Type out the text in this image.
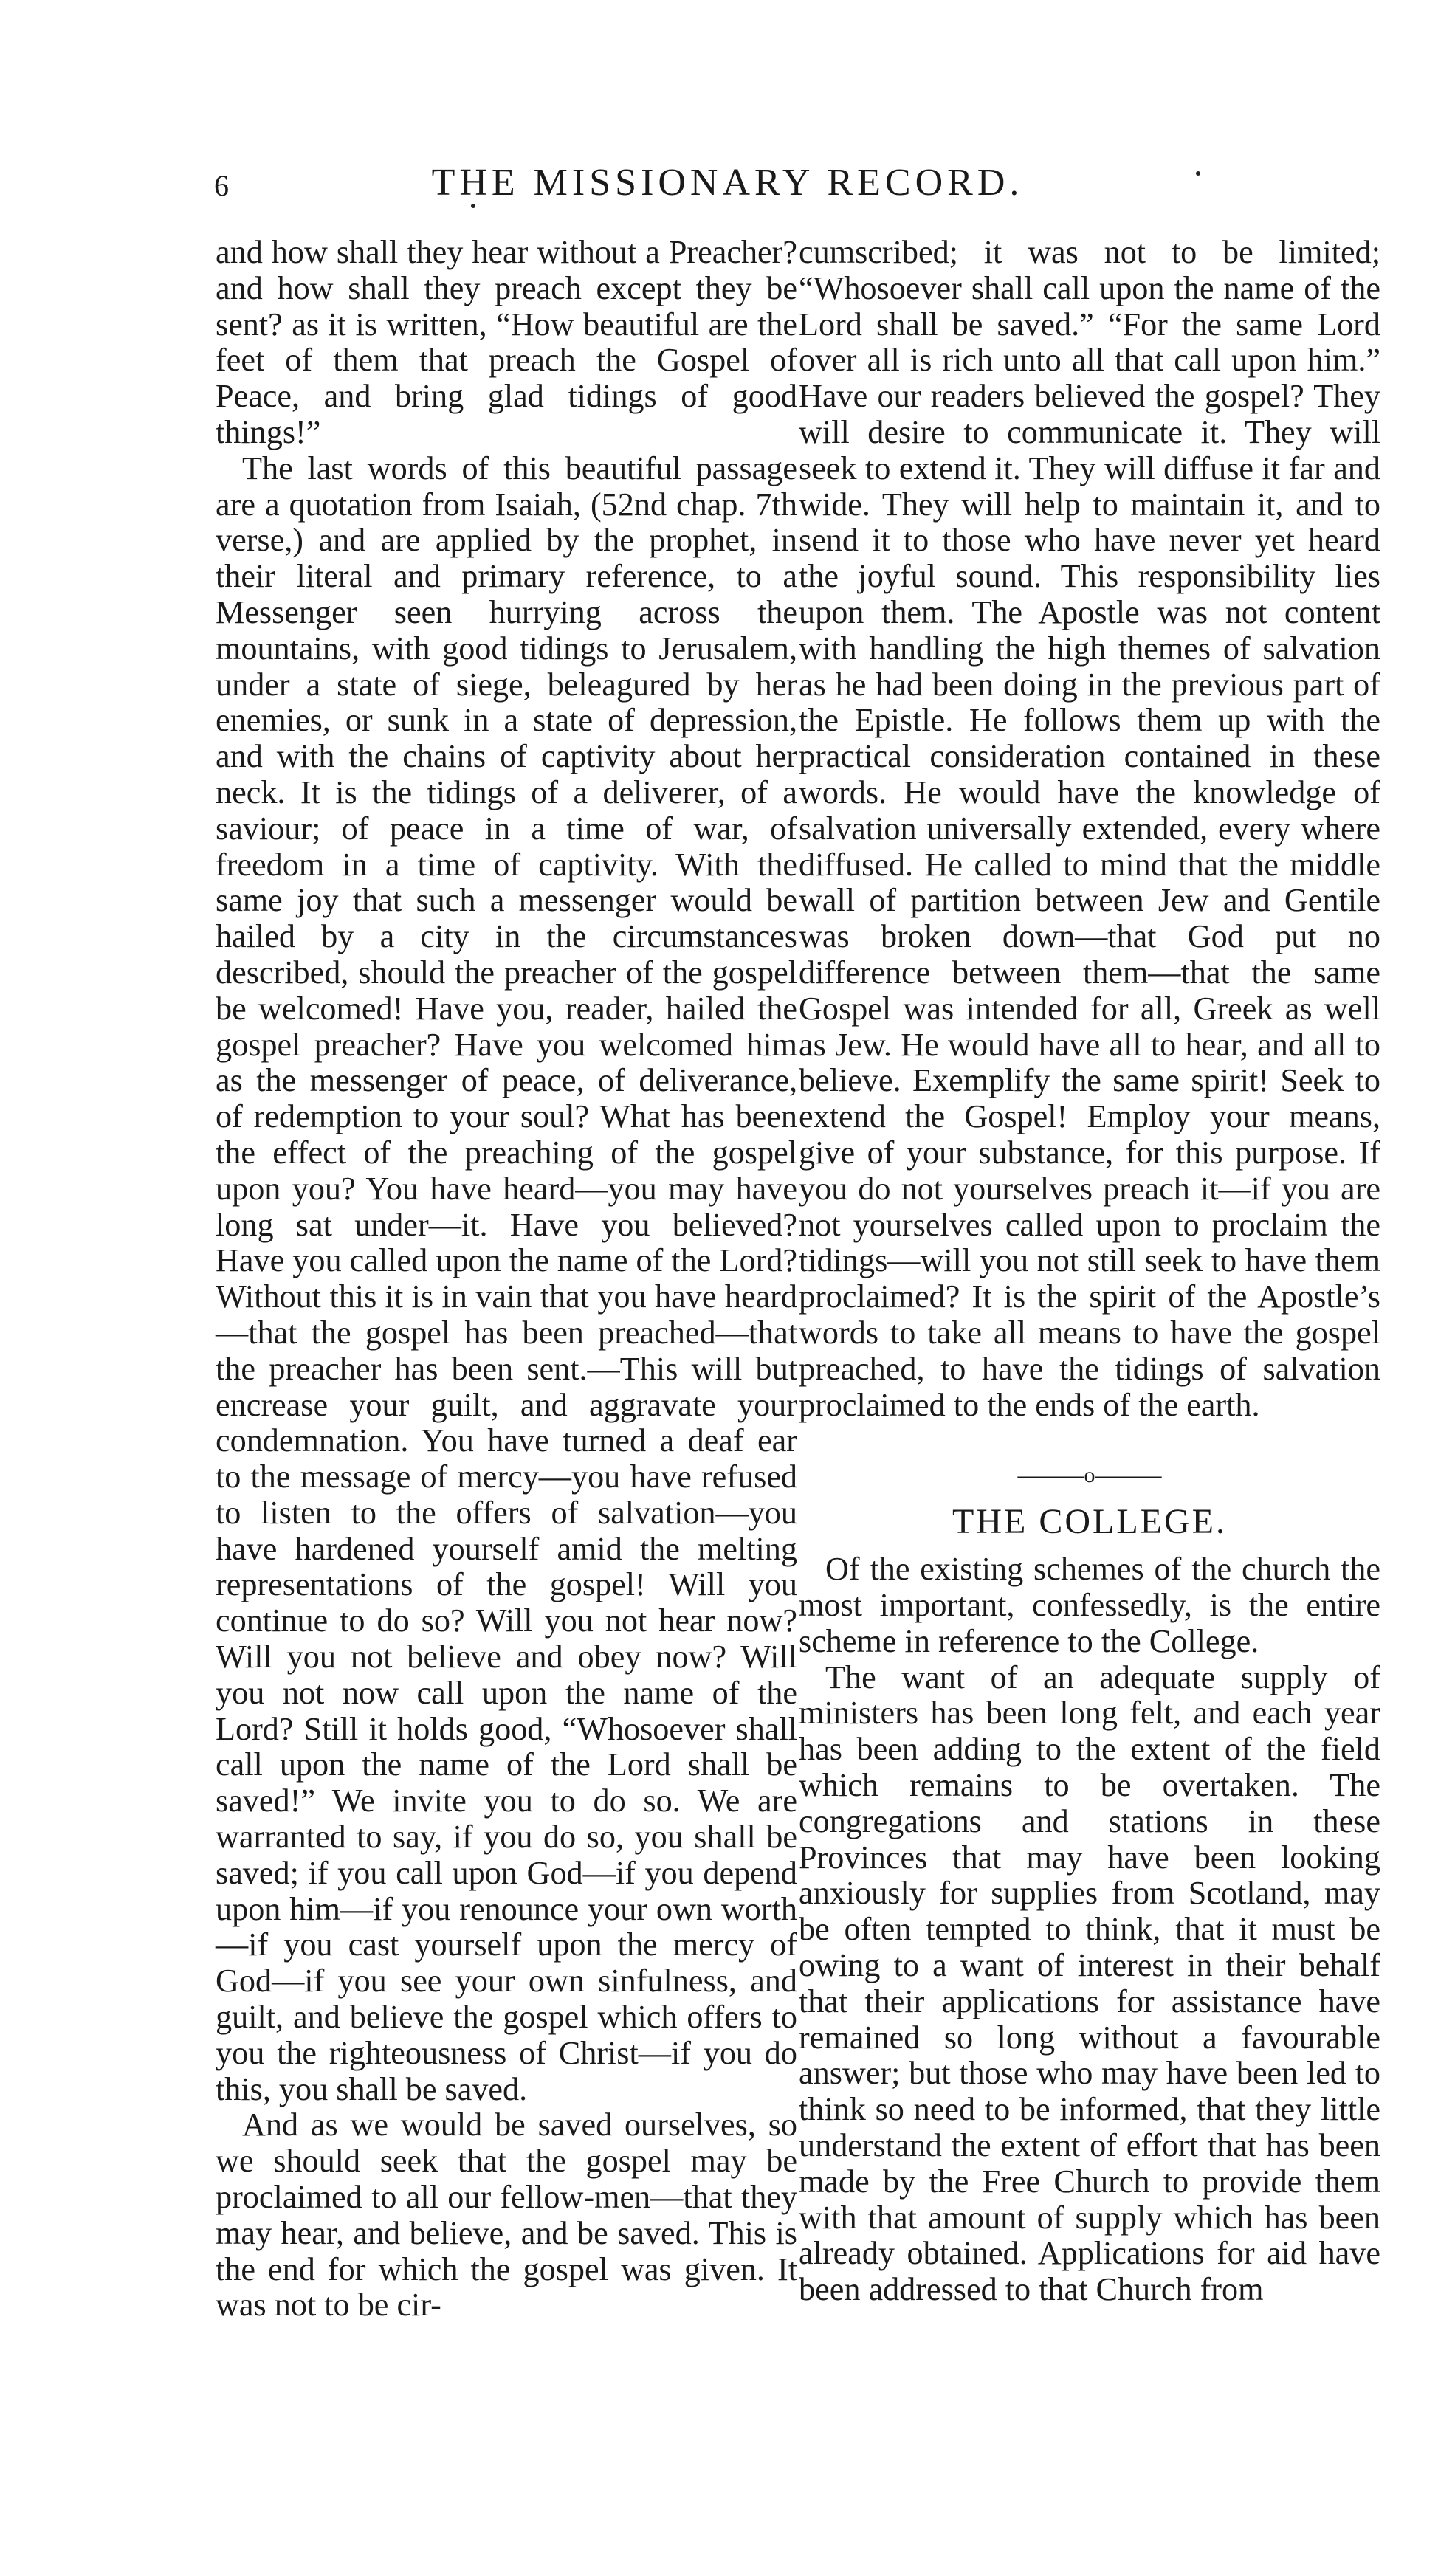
6	THE MISSIONARY RECORD.

and how shall they hear without a Preacher? and how shall they preach except they be sent? as it is written, “How beautiful are the feet of them that preach the Gospel of Peace, and bring glad tidings of good things!”

The last words of this beautiful passage are a quotation from Isaiah, (52nd chap. 7th verse,) and are applied by the prophet, in their literal and primary reference, to a Messenger seen hurrying across the mountains, with good tidings to Jerusalem, under a state of siege, beleagured by her enemies, or sunk in a state of depression, and with the chains of captivity about her neck. It is the tidings of a deliverer, of a saviour; of peace in a time of war, of freedom in a time of captivity. With the same joy that such a messenger would be hailed by a city in the circumstances described, should the preacher of the gospel be welcomed! Have you, reader, hailed the gospel preacher? Have you welcomed him as the messenger of peace, of deliverance, of redemption to your soul? What has been the effect of the preaching of the gospel upon you? You have heard—you may have long sat under—it. Have you believed? Have you called upon the name of the Lord? Without this it is in vain that you have heard—that the gospel has been preached—that the preacher has been sent.—This will but encrease your guilt, and aggravate your condemnation. You have turned a deaf ear to the message of mercy—you have refused to listen to the offers of salvation—you have hardened yourself amid the melting representations of the gospel! Will you continue to do so? Will you not hear now? Will you not believe and obey now? Will you not now call upon the name of the Lord? Still it holds good, “Whosoever shall call upon the name of the Lord shall be saved!” We invite you to do so. We are warranted to say, if you do so, you shall be saved; if you call upon God—if you depend upon him—if you renounce your own worth—if you cast yourself upon the mercy of God—if you see your own sinfulness, and guilt, and believe the gospel which offers to you the righteousness of Christ—if you do this, you shall be saved.

And as we would be saved ourselves, so we should seek that the gospel may be proclaimed to all our fellow-men—that they may hear, and believe, and be saved. This is the end for which the gospel was given. It was not to be cir-

cumscribed; it was not to be limited; “Whosoever shall call upon the name of the Lord shall be saved.” “For the same Lord over all is rich unto all that call upon him.” Have our readers believed the gospel? They will desire to communicate it. They will seek to extend it. They will diffuse it far and wide. They will help to maintain it, and to send it to those who have never yet heard the joyful sound. This responsibility lies upon them. The Apostle was not content with handling the high themes of salvation as he had been doing in the previous part of the Epistle. He follows them up with the practical consideration contained in these words. He would have the knowledge of salvation universally extended, every where diffused. He called to mind that the middle wall of partition between Jew and Gentile was broken down—that God put no difference between them—that the same Gospel was intended for all, Greek as well as Jew. He would have all to hear, and all to believe. Exemplify the same spirit! Seek to extend the Gospel! Employ your means, give of your substance, for this purpose. If you do not yourselves preach it—if you are not yourselves called upon to proclaim the tidings—will you not still seek to have them proclaimed? It is the spirit of the Apostle’s words to take all means to have the gospel preached, to have the tidings of salvation proclaimed to the ends of the earth.

———o———
THE COLLEGE.

Of the existing schemes of the church the most important, confessedly, is the entire scheme in reference to the College.

The want of an adequate supply of ministers has been long felt, and each year has been adding to the extent of the field which remains to be overtaken. The congregations and stations in these Provinces that may have been looking anxiously for supplies from Scotland, may be often tempted to think, that it must be owing to a want of interest in their behalf that their applications for assistance have remained so long without a favourable answer; but those who may have been led to think so need to be informed, that they little understand the extent of effort that has been made by the Free Church to provide them with that amount of supply which has been already obtained. Applications for aid have been addressed to that Church from
